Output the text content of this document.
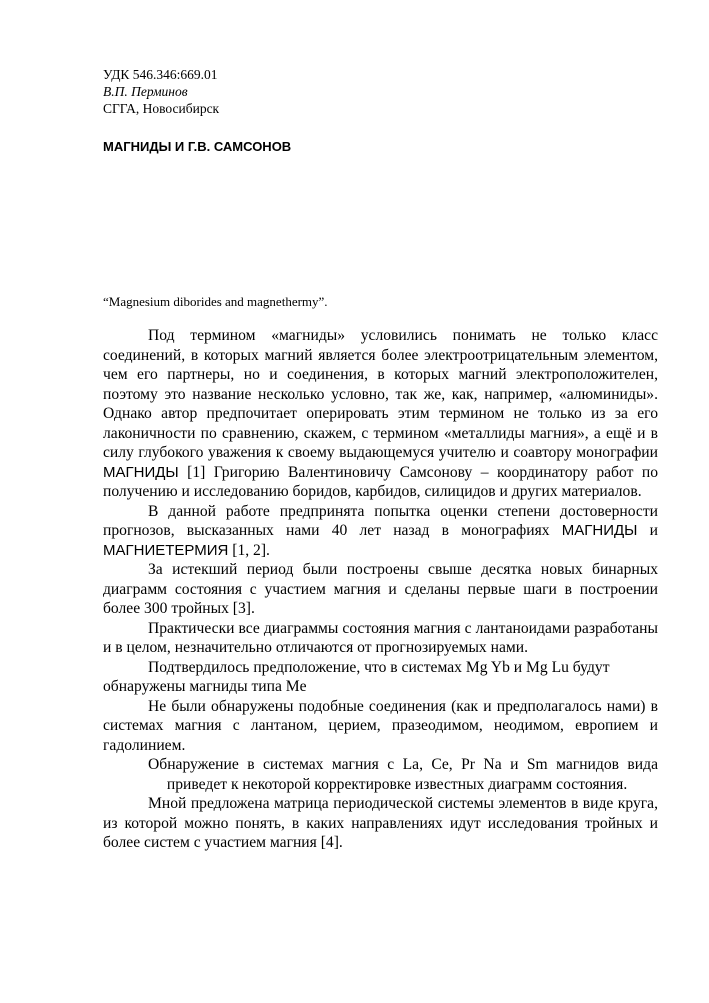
УДК 546.346:669.01
В.П. Перминов
СГГА, Новосибирск
МАГНИДЫ И Г.В. САМСОНОВ
“Magnesium diborides and magnethermy”.

Под термином «магниды» условились понимать не только класс соединений, в которых магний является более электроотрицательным элементом, чем его партнеры, но и соединения, в которых магний электроположителен, поэтому это название несколько условно, так же, как, например, «алюминиды». Однако автор предпочитает оперировать этим термином не только из за его лаконичности по сравнению, скажем, с термином «металлиды магния», а ещё и в силу глубокого уважения к своему выдающемуся учителю и соавтору монографии МАГНИДЫ [1] Григорию Валентиновичу Самсонову – координатору работ по получению и исследованию боридов, карбидов, силицидов и других материалов.

В данной работе предпринята попытка оценки степени достоверности прогнозов, высказанных нами 40 лет назад в монографиях МАГНИДЫ и МАГНИЕТЕРМИЯ [1, 2].

За истекший период были построены свыше десятка новых бинарных диаграмм состояния с участием магния и сделаны первые шаги в построении более 300 тройных [3].

Практически все диаграммы состояния магния с лантаноидами разработаны и в целом, незначительно отличаются от прогнозируемых нами.

Подтвердилось предположение, что в системах Mg Yb и Mg Lu будут обнаружены магниды типа Me

Не были обнаружены подобные соединения (как и предполагалось нами) в системах магния с лантаном, церием, празеодимом, неодимом, европием и гадолинием.

Обнаружение в системах магния с La, Ce, Pr Na и Sm магнидов вида  приведет к некоторой корректировке известных диаграмм состояния.

Мной предложена матрица периодической системы элементов в виде круга, из которой можно понять, в каких направлениях идут исследования тройных и более систем с участием магния [4].
